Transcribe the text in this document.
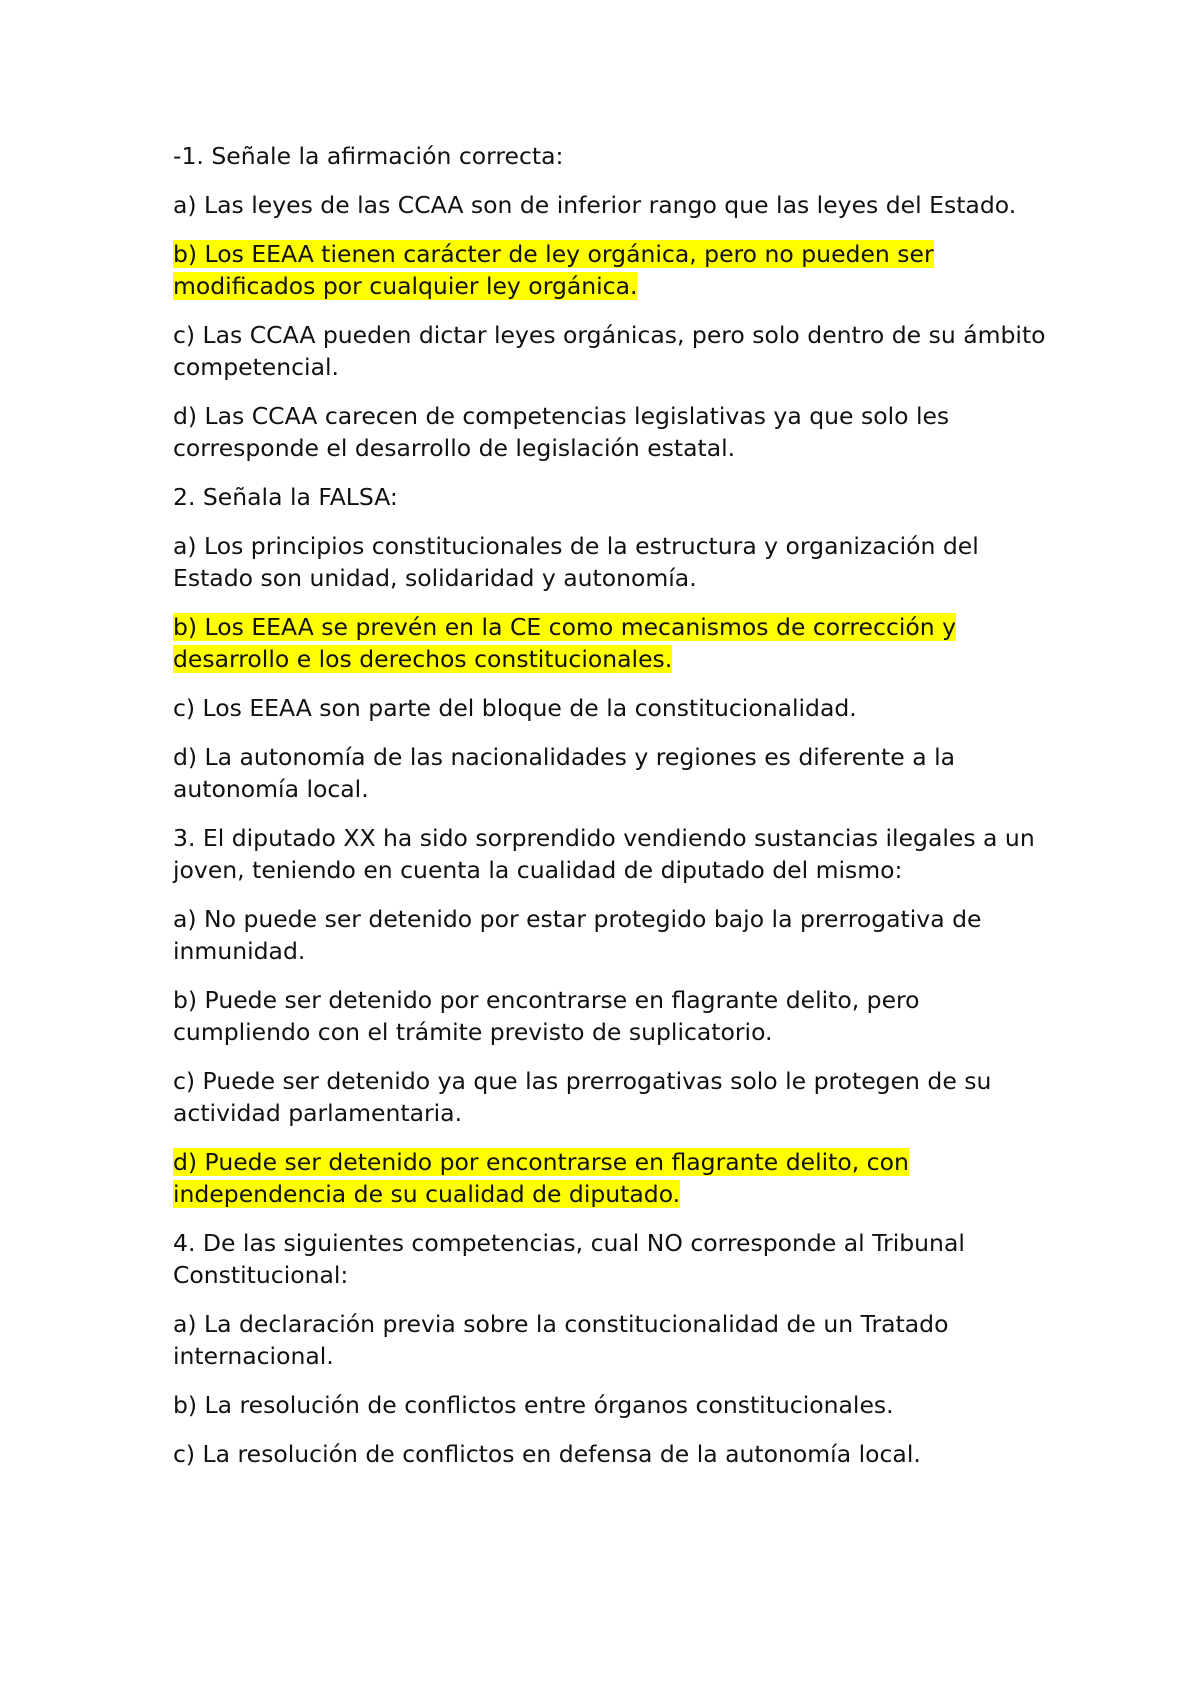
-1. Señale la afirmación correcta:

a) Las leyes de las CCAA son de inferior rango que las leyes del Estado.

b) Los EEAA tienen carácter de ley orgánica, pero no pueden ser modificados por cualquier ley orgánica.

c) Las CCAA pueden dictar leyes orgánicas, pero solo dentro de su ámbito competencial.

d) Las CCAA carecen de competencias legislativas ya que solo les corresponde el desarrollo de legislación estatal.

2. Señala la FALSA:

a) Los principios constitucionales de la estructura y organización del Estado son unidad, solidaridad y autonomía.

b) Los EEAA se prevén en la CE como mecanismos de corrección y desarrollo e los derechos constitucionales.

c) Los EEAA son parte del bloque de la constitucionalidad.

d) La autonomía de las nacionalidades y regiones es diferente a la autonomía local.

3. El diputado XX ha sido sorprendido vendiendo sustancias ilegales a un joven, teniendo en cuenta la cualidad de diputado del mismo:

a) No puede ser detenido por estar protegido bajo la prerrogativa de inmunidad.

b) Puede ser detenido por encontrarse en flagrante delito, pero cumpliendo con el trámite previsto de suplicatorio.

c) Puede ser detenido ya que las prerrogativas solo le protegen de su actividad parlamentaria.

d) Puede ser detenido por encontrarse en flagrante delito, con independencia de su cualidad de diputado.

4. De las siguientes competencias, cual NO corresponde al Tribunal Constitucional:

a) La declaración previa sobre la constitucionalidad de un Tratado internacional.

b) La resolución de conflictos entre órganos constitucionales.

c) La resolución de conflictos en defensa de la autonomía local.
